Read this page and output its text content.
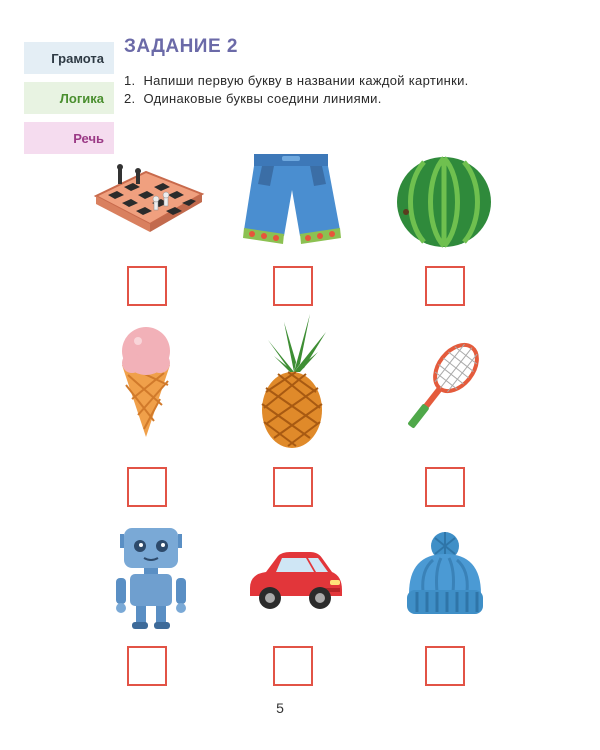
Грамота
Логика
Речь
ЗАДАНИЕ 2
1. Напиши первую букву в названии каждой картинки.
2. Одинаковые буквы соедини линиями.
5
